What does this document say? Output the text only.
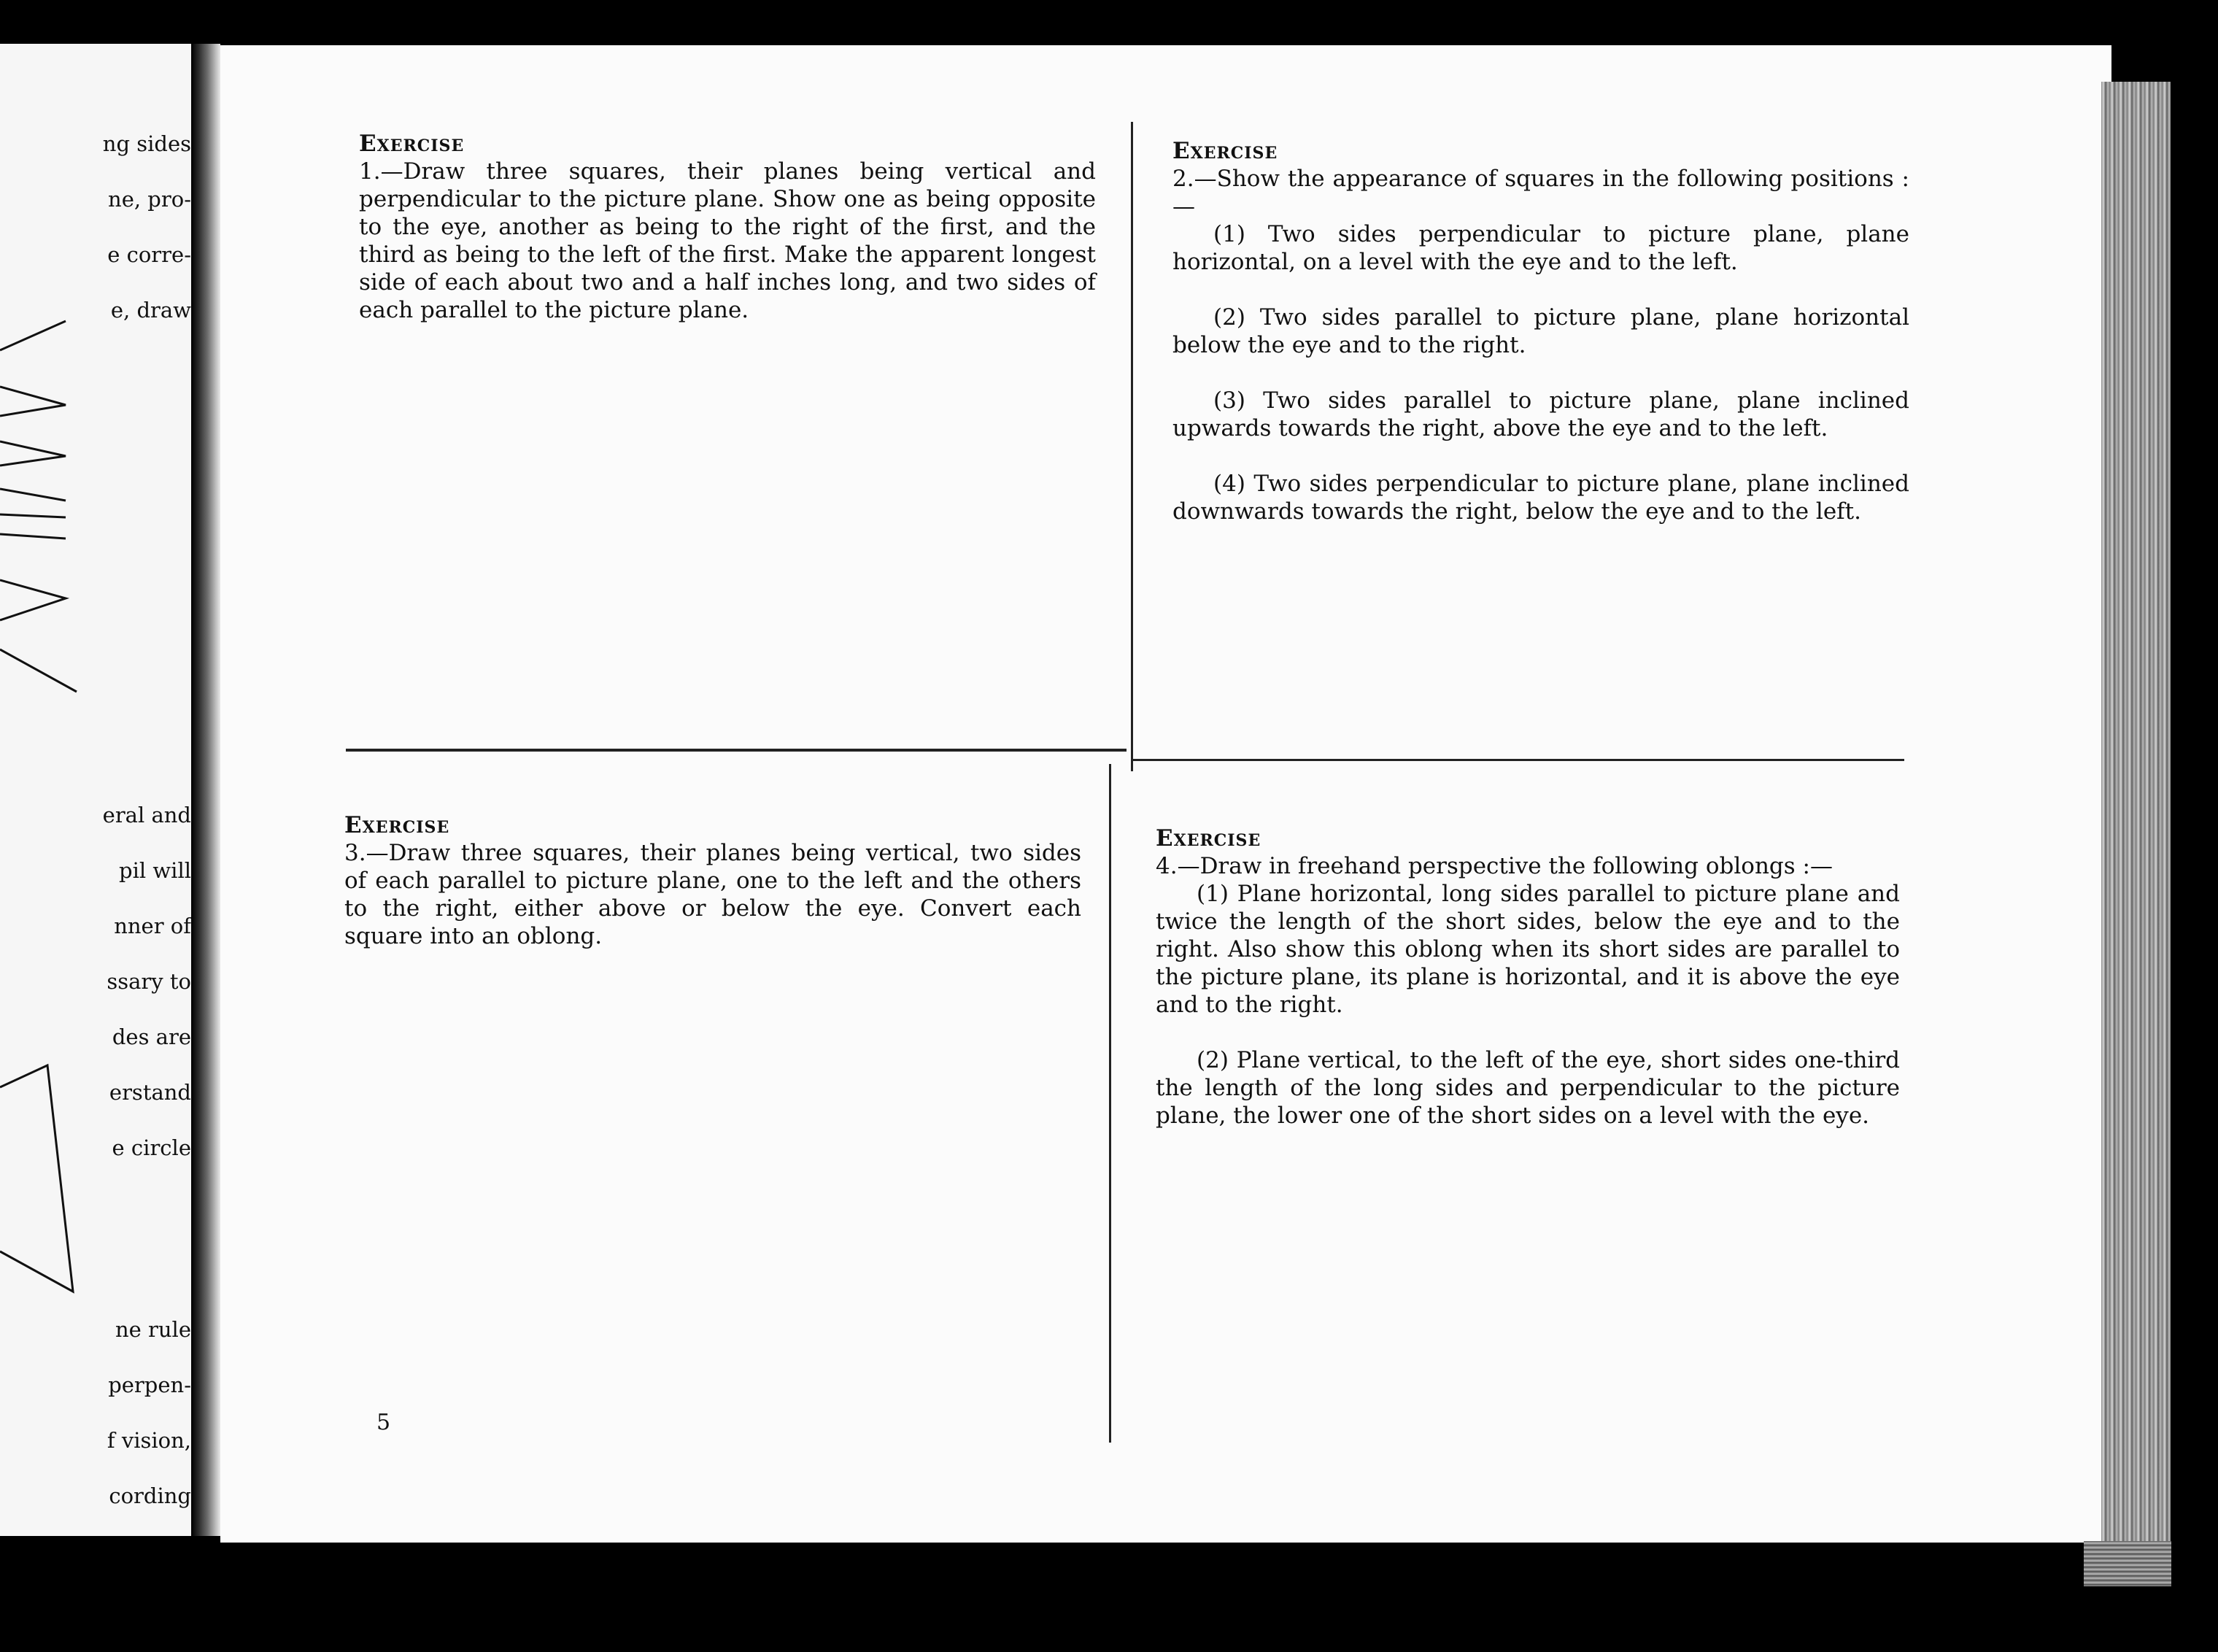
ng sides

ne, pro-

e corre-

e, draw

eral and

pil will

nner of

ssary to

des are

erstand

e circle

ne rule

perpen-

f vision,

cording

Exercise
1.—Draw three squares, their planes being vertical and perpendicular to the picture plane. Show one as being opposite to the eye, another as being to the right of the first, and the third as being to the left of the first. Make the apparent longest side of each about two and a half inches long, and two sides of each parallel to the picture plane.

Exercise
2.—Show the appearance of squares in the following positions :—

(1) Two sides perpendicular to picture plane, plane horizontal, on a level with the eye and to the left.

(2) Two sides parallel to picture plane, plane horizontal below the eye and to the right.

(3) Two sides parallel to picture plane, plane inclined upwards towards the right, above the eye and to the left.

(4) Two sides perpendicular to picture plane, plane inclined downwards towards the right, below the eye and to the left.

Exercise
3.—Draw three squares, their planes being vertical, two sides of each parallel to picture plane, one to the left and the others to the right, either above or below the eye. Convert each square into an oblong.

Exercise
4.—Draw in freehand perspective the following oblongs :—

(1) Plane horizontal, long sides parallel to picture plane and twice the length of the short sides, below the eye and to the right. Also show this oblong when its short sides are parallel to the picture plane, its plane is horizontal, and it is above the eye and to the right.

(2) Plane vertical, to the left of the eye, short sides one-third the length of the long sides and perpendicular to the picture plane, the lower one of the short sides on a level with the eye.

5
